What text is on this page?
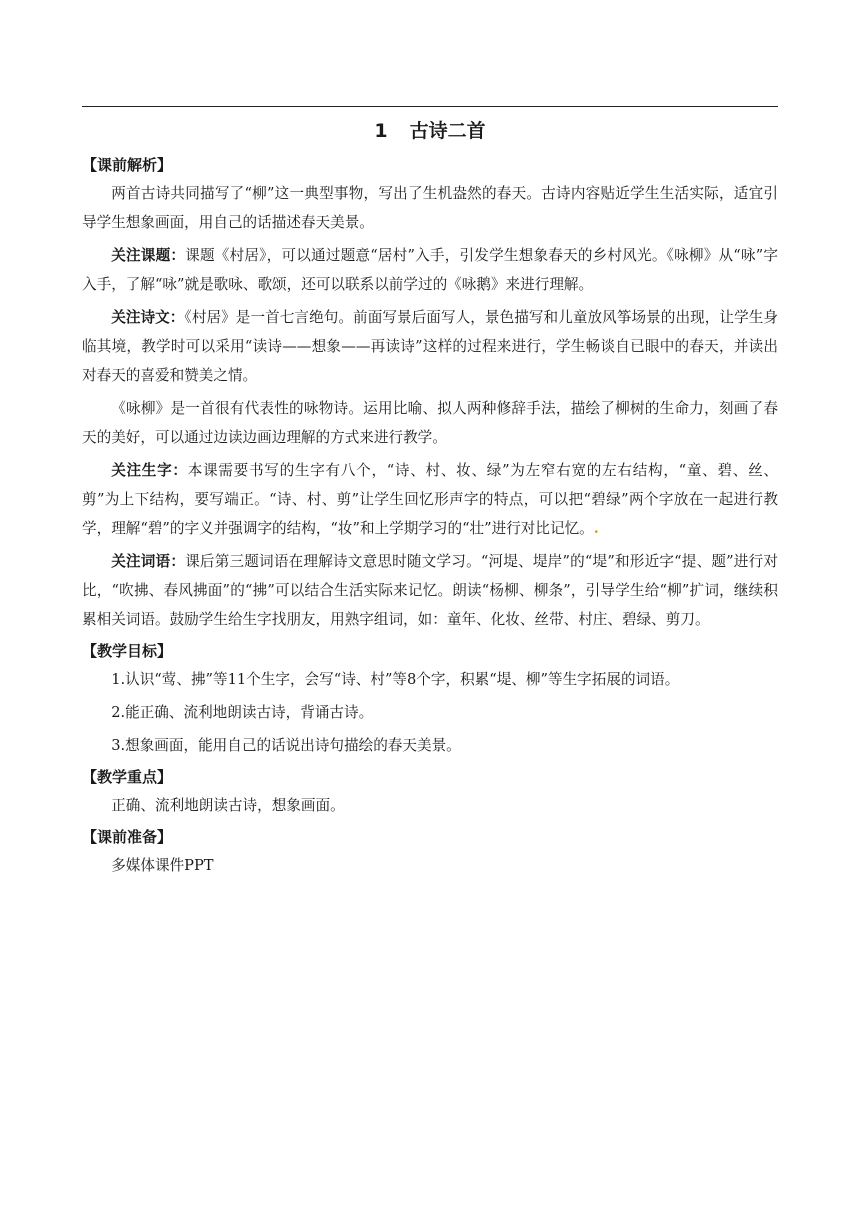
1 古诗二首

【课前解析】

两首古诗共同描写了“柳”这一典型事物，写出了生机盎然的春天。古诗内容贴近学生生活实际，适宜引导学生想象画面，用自己的话描述春天美景。

关注课题：课题《村居》，可以通过题意“居村”入手，引发学生想象春天的乡村风光。《咏柳》从“咏”字入手，了解“咏”就是歌咏、歌颂，还可以联系以前学过的《咏鹅》来进行理解。

关注诗文：《村居》是一首七言绝句。前面写景后面写人，景色描写和儿童放风筝场景的出现，让学生身临其境，教学时可以采用“读诗——想象——再读诗”这样的过程来进行，学生畅谈自已眼中的春天，并读出对春天的喜爱和赞美之情。

《咏柳》是一首很有代表性的咏物诗。运用比喻、拟人两种修辞手法，描绘了柳树的生命力，刻画了春天的美好，可以通过边读边画边理解的方式来进行教学。

关注生字：本课需要书写的生字有八个，“诗、村、妆、绿”为左窄右宽的左右结构，“童、碧、丝、剪”为上下结构，要写端正。“诗、村、剪”让学生回忆形声字的特点，可以把“碧绿”两个字放在一起进行教学，理解“碧”的字义并强调字的结构，“妆”和上学期学习的“壮”进行对比记忆。.

关注词语：课后第三题词语在理解诗文意思时随文学习。“河堤、堤岸”的“堤”和形近字“提、题”进行对比，“吹拂、春风拂面”的“拂”可以结合生活实际来记忆。朗读“杨柳、柳条”，引导学生给“柳”扩词，继续积累相关词语。鼓励学生给生字找朋友，用熟字组词，如：童年、化妆、丝带、村庄、碧绿、剪刀。

【教学目标】

1.认识“莺、拂”等11个生字，会写“诗、村”等8个字，积累“堤、柳”等生字拓展的词语。

2.能正确、流利地朗读古诗，背诵古诗。

3.想象画面，能用自己的话说出诗句描绘的春天美景。

【教学重点】

正确、流利地朗读古诗，想象画面。

【课前准备】

多媒体课件PPT
